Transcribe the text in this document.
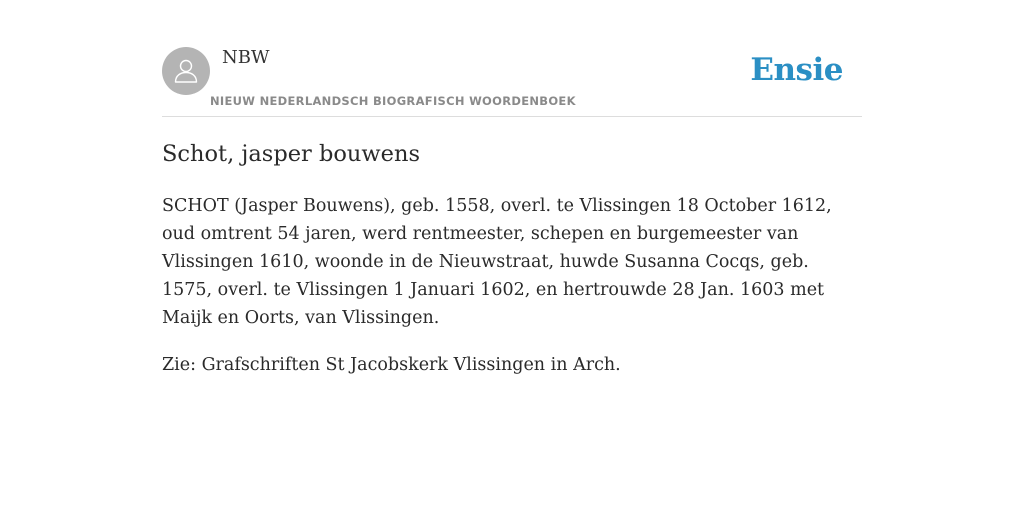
NBW
NIEUW NEDERLANDSCH BIOGRAFISCH WOORDENBOEK
Ensie
Schot, jasper bouwens

SCHOT (Jasper Bouwens), geb. 1558, overl. te Vlissingen 18 October 1612, oud omtrent 54 jaren, werd rentmeester, schepen en burgemeester van Vlissingen 1610, woonde in de Nieuwstraat, huwde Susanna Cocqs, geb. 1575, overl. te Vlissingen 1 Januari 1602, en hertrouwde 28 Jan. 1603 met Maijk en Oorts, van Vlissingen.

Zie: Grafschriften St Jacobskerk Vlissingen in Arch.
